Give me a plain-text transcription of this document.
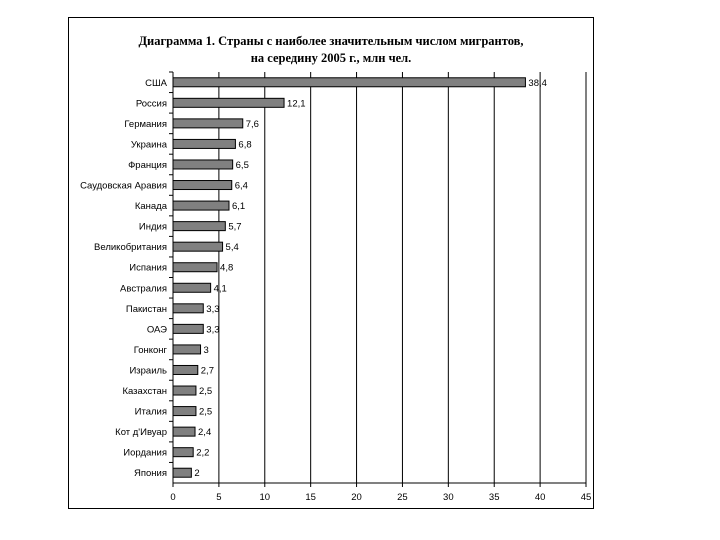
Диаграмма 1. Страны с наиболее значительным числом мигрантов,
на середину 2005 г., млн чел.
0	5	10	15	20	25	30	35	40	45
США	38,4
Россия	12,1
Германия	7,6
Украина	6,8
Франция	6,5
Саудовская Аравия	6,4
Канада	6,1
Индия	5,7
Великобритания	5,4
Испания	4,8
Австралия	4,1
Пакистан	3,3
ОАЭ	3,3
Гонконг	3
Израиль	2,7
Казахстан	2,5
Италия	2,5
Кот д'Ивуар	2,4
Иордания	2,2
Япония	2
